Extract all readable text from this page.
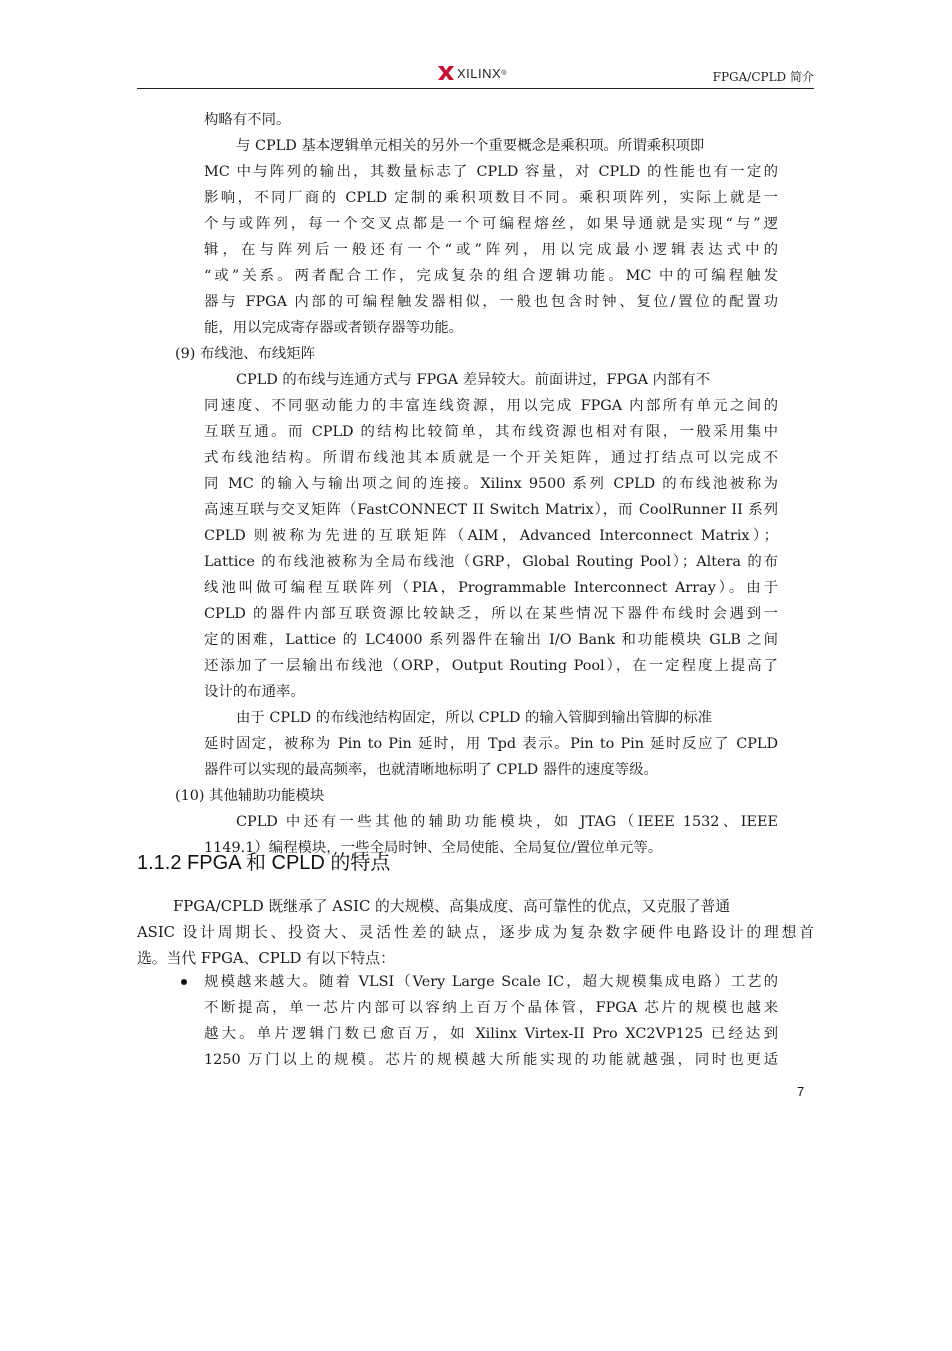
XILINX ®	FPGA/CPLD 简介
构略有不同。
与 CPLD 基本逻辑单元相关的另外一个重要概念是乘积项。所谓乘积项即
MC 中与阵列的输出，其数量标志了 CPLD 容量，对 CPLD 的性能也有一定的
影响，不同厂商的 CPLD 定制的乘积项数目不同。乘积项阵列，实际上就是一
个与或阵列，每一个交叉点都是一个可编程熔丝，如果导通就是实现“与”逻
辑，在与阵列后一般还有一个“或”阵列，用以完成最小逻辑表达式中的
“或”关系。两者配合工作，完成复杂的组合逻辑功能。MC 中的可编程触发
器与 FPGA 内部的可编程触发器相似，一般也包含时钟、复位/置位的配置功
能，用以完成寄存器或者锁存器等功能。
(9) 布线池、布线矩阵
CPLD 的布线与连通方式与 FPGA 差异较大。前面讲过，FPGA 内部有不
同速度、不同驱动能力的丰富连线资源，用以完成 FPGA 内部所有单元之间的
互联互通。而 CPLD 的结构比较简单，其布线资源也相对有限，一般采用集中
式布线池结构。所谓布线池其本质就是一个开关矩阵，通过打结点可以完成不
同 MC 的输入与输出项之间的连接。Xilinx 9500 系列 CPLD 的布线池被称为
高速互联与交叉矩阵（FastCONNECT II Switch Matrix），而 CoolRunner II 系列
CPLD 则被称为先进的互联矩阵（AIM，Advanced Interconnect Matrix）；
Lattice 的布线池被称为全局布线池（GRP，Global Routing Pool）；Altera 的布
线池叫做可编程互联阵列（PIA，Programmable Interconnect Array）。由于
CPLD 的器件内部互联资源比较缺乏，所以在某些情况下器件布线时会遇到一
定的困难，Lattice 的 LC4000 系列器件在输出 I/O Bank 和功能模块 GLB 之间
还添加了一层输出布线池（ORP，Output Routing Pool），在一定程度上提高了
设计的布通率。
由于 CPLD 的布线池结构固定，所以 CPLD 的输入管脚到输出管脚的标准
延时固定，被称为 Pin to Pin 延时，用 Tpd 表示。Pin to Pin 延时反应了 CPLD
器件可以实现的最高频率，也就清晰地标明了 CPLD 器件的速度等级。
(10) 其他辅助功能模块
CPLD 中还有一些其他的辅助功能模块，如 JTAG（IEEE 1532、IEEE
1149.1）编程模块，一些全局时钟、全局使能、全局复位/置位单元等。
1.1.2 FPGA 和 CPLD 的特点
FPGA/CPLD 既继承了 ASIC 的大规模、高集成度、高可靠性的优点，又克服了普通
ASIC 设计周期长、投资大、灵活性差的缺点，逐步成为复杂数字硬件电路设计的理想首
选。当代 FPGA、CPLD 有以下特点：
规模越来越大。随着 VLSI（Very Large Scale IC，超大规模集成电路）工艺的
不断提高，单一芯片内部可以容纳上百万个晶体管，FPGA 芯片的规模也越来
越大。单片逻辑门数已愈百万，如 Xilinx Virtex-II Pro XC2VP125 已经达到
1250 万门以上的规模。芯片的规模越大所能实现的功能就越强，同时也更适
7
